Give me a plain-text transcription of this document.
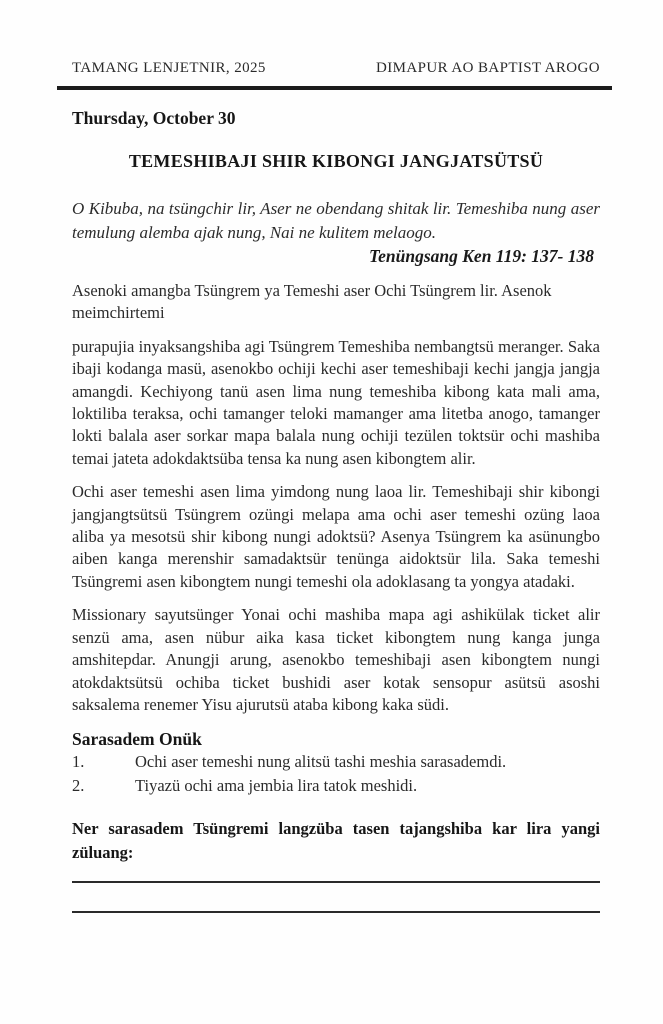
TAMANG LENJETNIR, 2025	DIMAPUR AO BAPTIST AROGO
Thursday, October 30
TEMESHIBAJI SHIR KIBONGI JANGJATSÜTSÜ
O Kibuba, na tsüngchir lir, Aser ne obendang shitak lir. Temeshiba nung aser temulung alemba ajak nung, Nai ne kulitem melaogo.
Tenüngsang Ken 119: 137- 138

Asenoki amangba Tsüngrem ya Temeshi aser Ochi Tsüngrem lir. Asenok meimchirtemi

purapujia inyaksangshiba agi Tsüngrem Temeshiba nembangtsü meranger. Saka ibaji kodanga masü, asenokbo ochiji kechi aser temeshibaji kechi jangja jangja amangdi. Kechiyong tanü asen lima nung temeshiba kibong kata mali ama, loktiliba teraksa, ochi tamanger teloki mamanger ama litetba anogo, tamanger lokti balala aser sorkar mapa balala nung ochiji tezülen toktsür ochi mashiba temai jateta adokdaktsüba tensa ka nung asen kibongtem alir.

Ochi aser temeshi asen lima yimdong nung laoa lir. Temeshibaji shir kibongi jangjangtsütsü Tsüngrem ozüngi melapa ama ochi aser temeshi ozüng laoa aliba ya mesotsü shir kibong nungi adoktsü? Asenya Tsüngrem ka asünungbo aiben kanga merenshir samadaktsür tenünga aidoktsür lila. Saka temeshi Tsüngremi asen kibongtem nungi temeshi ola adoklasang ta yongya atadaki.

Missionary sayutsünger Yonai ochi mashiba mapa agi ashikülak ticket alir senzü ama, asen nübur aika kasa ticket kibongtem nung kanga junga amshitepdar. Anungji arung, asenokbo temeshibaji asen kibongtem nungi atokdaktsütsü ochiba ticket bushidi aser kotak sensopur asütsü asoshi saksalema renemer Yisu ajurutsü ataba kibong kaka südi.

Sarasadem Onük
1.	Ochi aser temeshi nung alitsü tashi meshia sarasademdi.
2.	Tiyazü ochi ama jembia lira tatok meshidi.

Ner sarasadem Tsüngremi langzüba tasen tajangshiba kar lira yangi züluang:
